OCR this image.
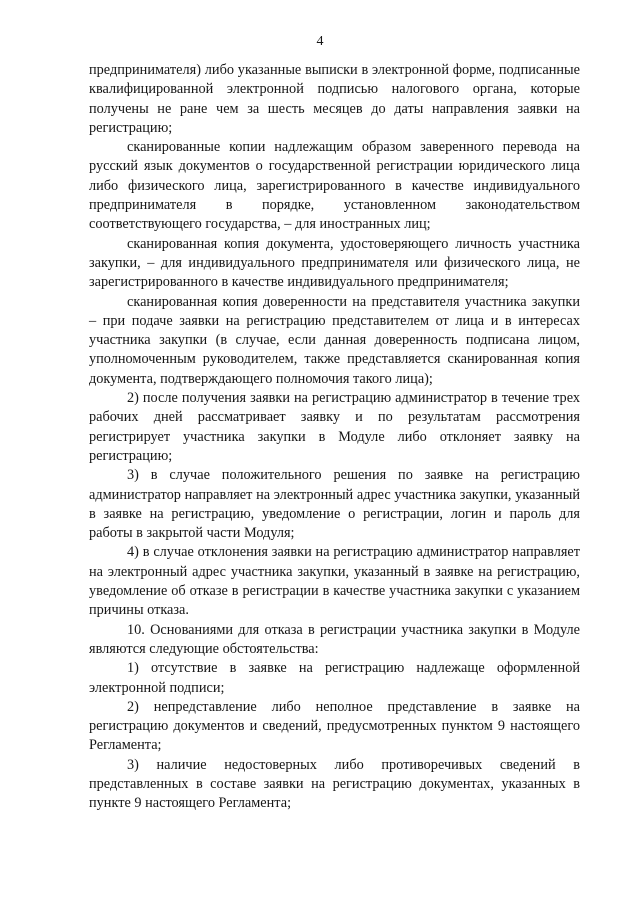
4

предпринимателя) либо указанные выписки в электронной форме, подписанные квалифицированной электронной подписью налогового органа, которые получены не ране чем за шесть месяцев до даты направления заявки на регистрацию;

сканированные копии надлежащим образом заверенного перевода на русский язык документов о государственной регистрации юридического лица либо физического лица, зарегистрированного в качестве индивидуального предпринимателя в порядке, установленном законодательством соответствующего государства, – для иностранных лиц;

сканированная копия документа, удостоверяющего личность участника закупки, – для индивидуального предпринимателя или физического лица, не зарегистрированного в качестве индивидуального предпринимателя;

сканированная копия доверенности на представителя участника закупки – при подаче заявки на регистрацию представителем от лица и в интересах участника закупки (в случае, если данная доверенность подписана лицом, уполномоченным руководителем, также представляется сканированная копия документа, подтверждающего полномочия такого лица);

2) после получения заявки на регистрацию администратор в течение трех рабочих дней рассматривает заявку и по результатам рассмотрения регистрирует участника закупки в Модуле либо отклоняет заявку на регистрацию;

3) в случае положительного решения по заявке на регистрацию администратор направляет на электронный адрес участника закупки, указанный в заявке на регистрацию, уведомление о регистрации, логин и пароль для работы в закрытой части Модуля;

4) в случае отклонения заявки на регистрацию администратор направляет на электронный адрес участника закупки, указанный в заявке на регистрацию, уведомление об отказе в регистрации в качестве участника закупки с указанием причины отказа.

10. Основаниями для отказа в регистрации участника закупки в Модуле являются следующие обстоятельства:

1) отсутствие в заявке на регистрацию надлежаще оформленной электронной подписи;

2) непредставление либо неполное представление в заявке на регистрацию документов и сведений, предусмотренных пунктом 9 настоящего Регламента;

3) наличие недостоверных либо противоречивых сведений в представленных в составе заявки на регистрацию документах, указанных в пункте 9 настоящего Регламента;
